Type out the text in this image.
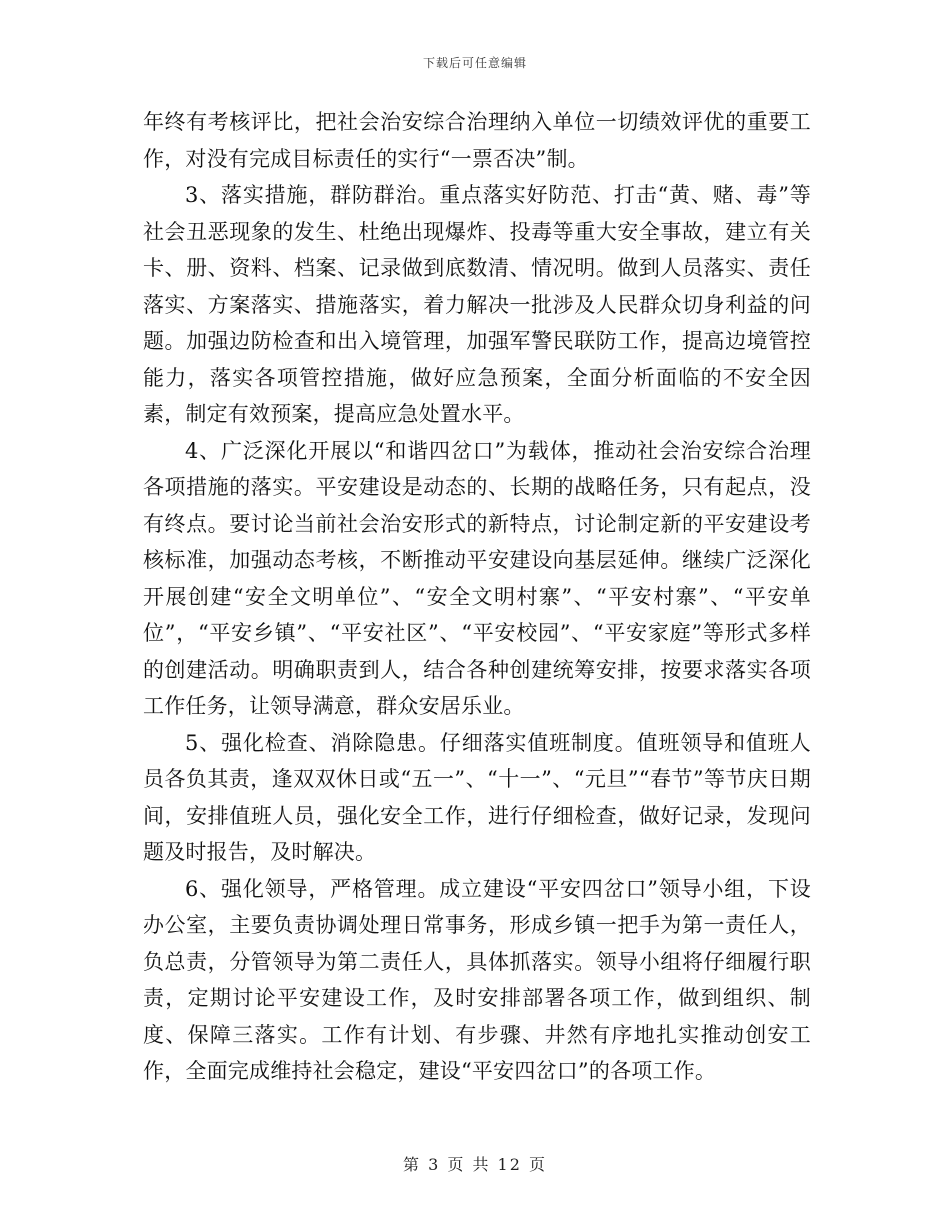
下载后可任意编辑

年终有考核评比，把社会治安综合治理纳入单位一切绩效评优的重要工作，对没有完成目标责任的实行“一票否决”制。

3、落实措施，群防群治。重点落实好防范、打击“黄、赌、毒”等社会丑恶现象的发生、杜绝出现爆炸、投毒等重大安全事故，建立有关卡、册、资料、档案、记录做到底数清、情况明。做到人员落实、责任落实、方案落实、措施落实，着力解决一批涉及人民群众切身利益的问题。加强边防检查和出入境管理，加强军警民联防工作，提高边境管控能力，落实各项管控措施，做好应急预案，全面分析面临的不安全因素，制定有效预案，提高应急处置水平。

4、广泛深化开展以“和谐四岔口”为载体，推动社会治安综合治理各项措施的落实。平安建设是动态的、长期的战略任务，只有起点，没有终点。要讨论当前社会治安形式的新特点，讨论制定新的平安建设考核标准，加强动态考核，不断推动平安建设向基层延伸。继续广泛深化开展创建“安全文明单位”、“安全文明村寨”、“平安村寨”、“平安单位”，“平安乡镇”、“平安社区”、“平安校园”、“平安家庭”等形式多样的创建活动。明确职责到人，结合各种创建统筹安排，按要求落实各项工作任务，让领导满意，群众安居乐业。

5、强化检查、消除隐患。仔细落实值班制度。值班领导和值班人员各负其责，逢双双休日或“五一”、“十一”、“元旦”“春节”等节庆日期间，安排值班人员，强化安全工作，进行仔细检查，做好记录，发现问题及时报告，及时解决。

6、强化领导，严格管理。成立建设“平安四岔口”领导小组，下设办公室，主要负责协调处理日常事务，形成乡镇一把手为第一责任人，负总责，分管领导为第二责任人，具体抓落实。领导小组将仔细履行职责，定期讨论平安建设工作，及时安排部署各项工作，做到组织、制度、保障三落实。工作有计划、有步骤、井然有序地扎实推动创安工作，全面完成维持社会稳定，建设“平安四岔口”的各项工作。

第 3 页 共 12 页
